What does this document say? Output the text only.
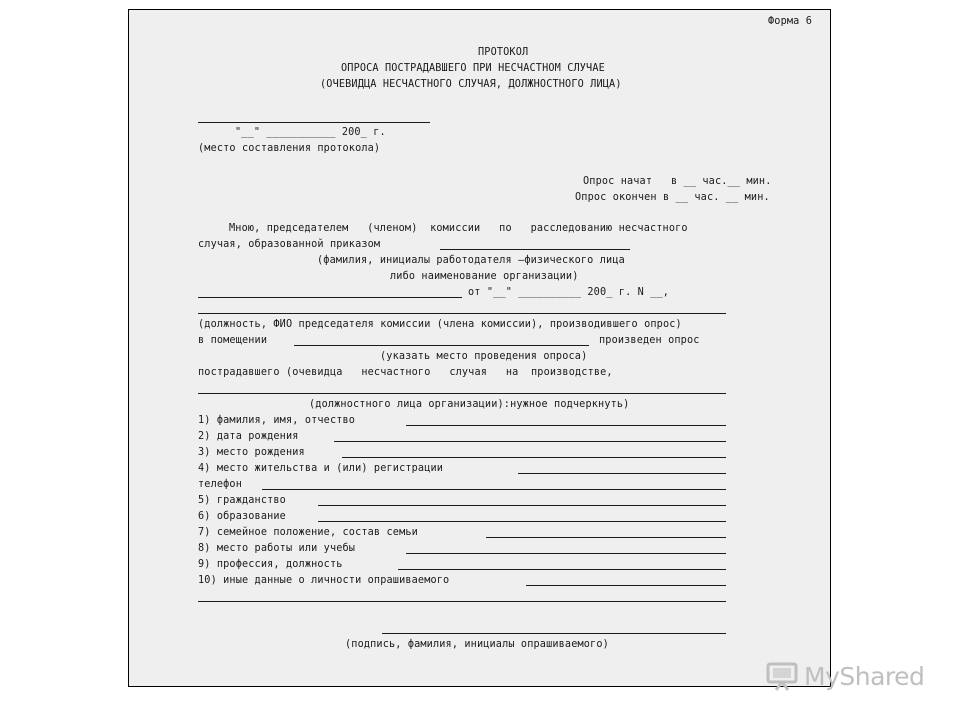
Форма 6
ПРОТОКОЛ
ОПРОСА ПОСТРАДАВШЕГО ПРИ НЕСЧАСТНОМ СЛУЧАЕ
(ОЧЕВИДЦА НЕСЧАСТНОГО СЛУЧАЯ, ДОЛЖНОСТНОГО ЛИЦА)
"__" ___________ 200_ г.
(место составления протокола)
Опрос начат   в __ час.__ мин.
Опрос окончен в __ час. __ мин.
Мною, председателем   (членом)  комиссии   по   расследованию несчастного
случая, образованной приказом
(фамилия, инициалы работодателя –физического лица
либо наименование организации)
от "__" __________ 200_ г. N __,
(должность, ФИО председателя комиссии (члена комиссии), производившего опрос)
в помещении	произведен опрос
(указать место проведения опроса)
пострадавшего (очевидца   несчастного   случая   на  производстве,
(должностного лица организации):нужное подчеркнуть)
1) фамилия, имя, отчество
2) дата рождения
3) место рождения
4) место жительства и (или) регистрации
телефон
5) гражданство
6) образование
7) семейное положение, состав семьи
8) место работы или учебы
9) профессия, должность
10) иные данные о личности опрашиваемого
(подпись, фамилия, инициалы опрашиваемого)
MyShared
